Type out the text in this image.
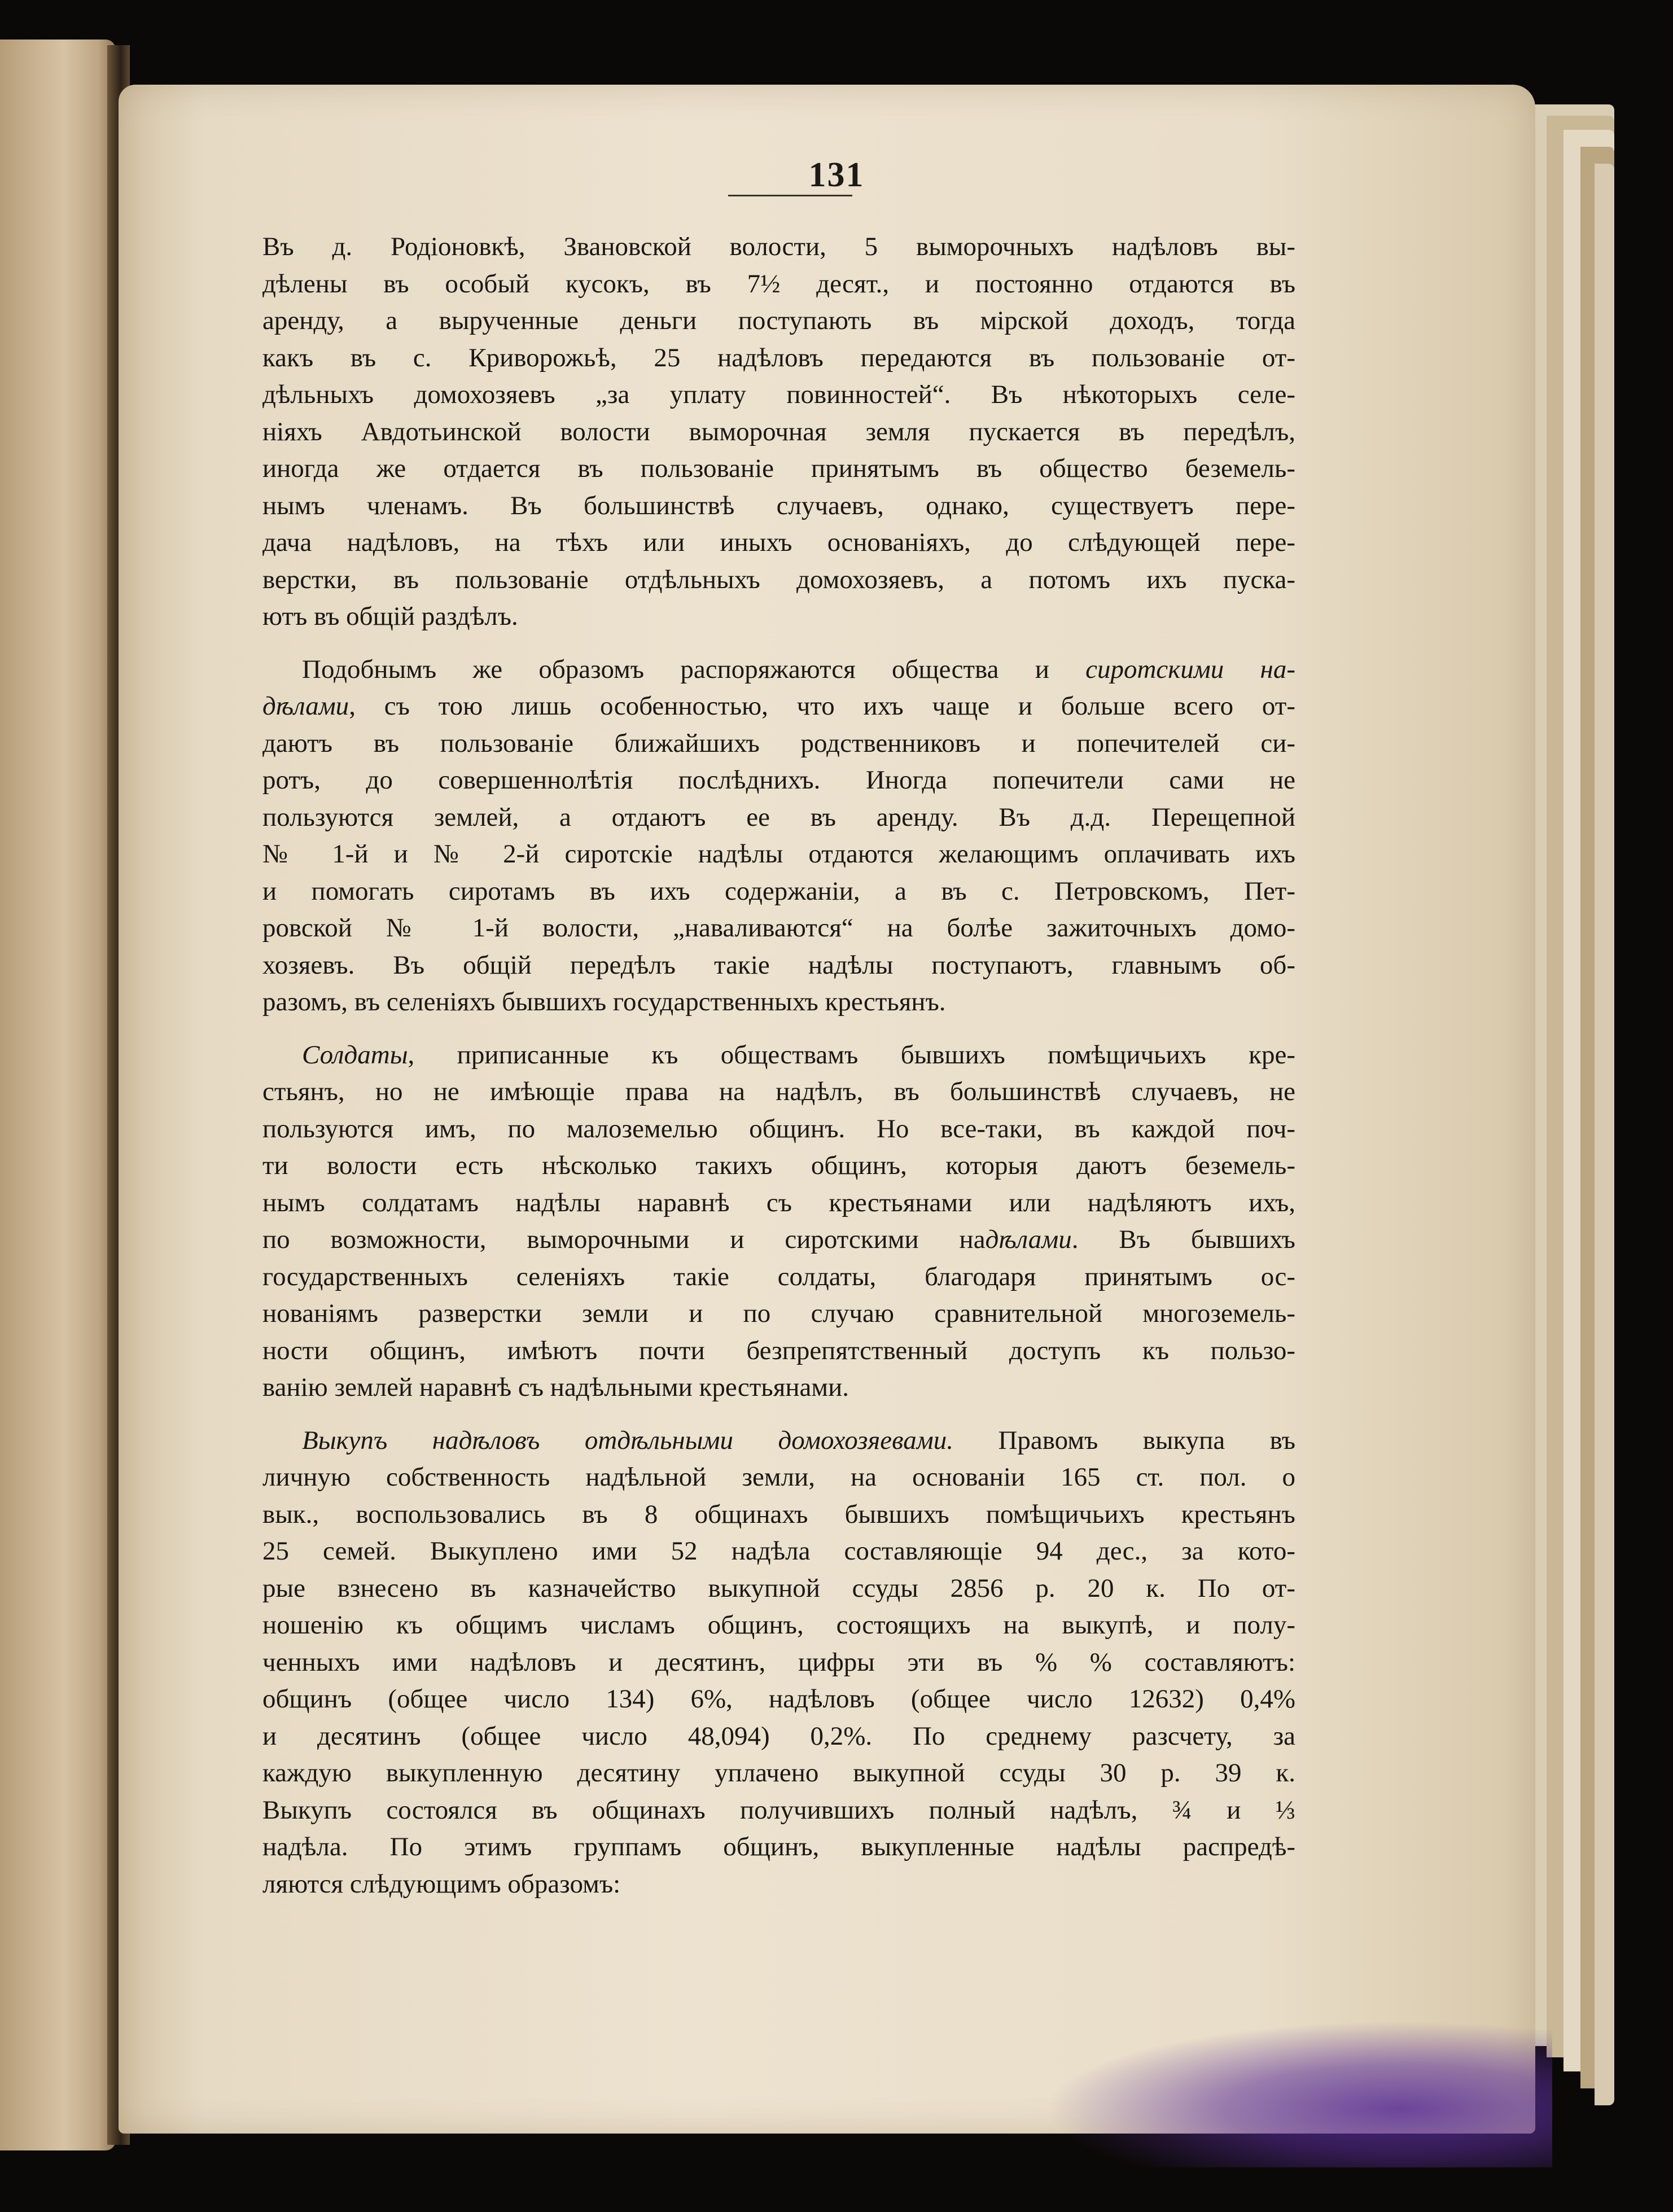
131

Въ д. Родіоновкѣ, Звановской волости, 5 выморочныхъ надѣловъ вы-

дѣлены въ особый кусокъ, въ 7½ десят., и постоянно отдаются въ

аренду, а вырученные деньги поступають въ мірской доходъ, тогда

какъ въ с. Криворожьѣ, 25 надѣловъ передаются въ пользованіе от-

дѣльныхъ домохозяевъ „за уплату повинностей“. Въ нѣкоторыхъ селе-

ніяхъ Авдотьинской волости выморочная земля пускается въ передѣлъ,

иногда же отдается въ пользованіе принятымъ въ общество беземель-

нымъ членамъ. Въ большинствѣ случаевъ, однако, существуетъ пере-

дача надѣловъ, на тѣхъ или иныхъ основаніяхъ, до слѣдующей пере-

верстки, въ пользованіе отдѣльныхъ домохозяевъ, а потомъ ихъ пуска-

ютъ въ общій раздѣлъ.

Подобнымъ же образомъ распоряжаются общества и сиротскими на-

дѣлами, съ тою лишь особенностью, что ихъ чаще и больше всего от-

даютъ въ пользованіе ближайшихъ родственниковъ и попечителей си-

ротъ, до совершеннолѣтія послѣднихъ. Иногда попечители сами не

пользуются землей, а отдаютъ ее въ аренду. Въ д.д. Перещепной

№ 1-й и № 2-й сиротскіе надѣлы отдаются желающимъ оплачивать ихъ

и помогать сиротамъ въ ихъ содержаніи, а въ с. Петровскомъ, Пет-

ровской № 1-й волости, „наваливаются“ на болѣе зажиточныхъ домо-

хозяевъ. Въ общій передѣлъ такіе надѣлы поступаютъ, главнымъ об-

разомъ, въ селеніяхъ бывшихъ государственныхъ крестьянъ.

Солдаты, приписанные къ обществамъ бывшихъ помѣщичьихъ кре-

стьянъ, но не имѣющіе права на надѣлъ, въ большинствѣ случаевъ, не

пользуются имъ, по малоземелью общинъ. Но все-таки, въ каждой поч-

ти волости есть нѣсколько такихъ общинъ, которыя даютъ беземель-

нымъ солдатамъ надѣлы наравнѣ съ крестьянами или надѣляютъ ихъ,

по возможности, выморочными и сиротскими надѣлами. Въ бывшихъ

государственныхъ селеніяхъ такіе солдаты, благодаря принятымъ ос-

нованіямъ разверстки земли и по случаю сравнительной многоземель-

ности общинъ, имѣютъ почти безпрепятственный доступъ къ пользо-

ванію землей наравнѣ съ надѣльными крестьянами.

Выкупъ надѣловъ отдѣльными домохозяевами. Правомъ выкупа въ

личную собственность надѣльной земли, на основаніи 165 ст. пол. о

вык., воспользовались въ 8 общинахъ бывшихъ помѣщичьихъ крестьянъ

25 семей. Выкуплено ими 52 надѣла составляющіе 94 дес., за кото-

рые взнесено въ казначейство выкупной ссуды 2856 р. 20 к. По от-

ношенію къ общимъ числамъ общинъ, состоящихъ на выкупѣ, и полу-

ченныхъ ими надѣловъ и десятинъ, цифры эти въ % % составляютъ:

общинъ (общее число 134) 6%, надѣловъ (общее число 12632) 0,4%

и десятинъ (общее число 48,094) 0,2%. По среднему разсчету, за

каждую выкупленную десятину уплачено выкупной ссуды 30 р. 39 к.

Выкупъ состоялся въ общинахъ получившихъ полный надѣлъ, ¾ и ⅓

надѣла. По этимъ группамъ общинъ, выкупленные надѣлы распредѣ-

ляются слѣдующимъ образомъ:
